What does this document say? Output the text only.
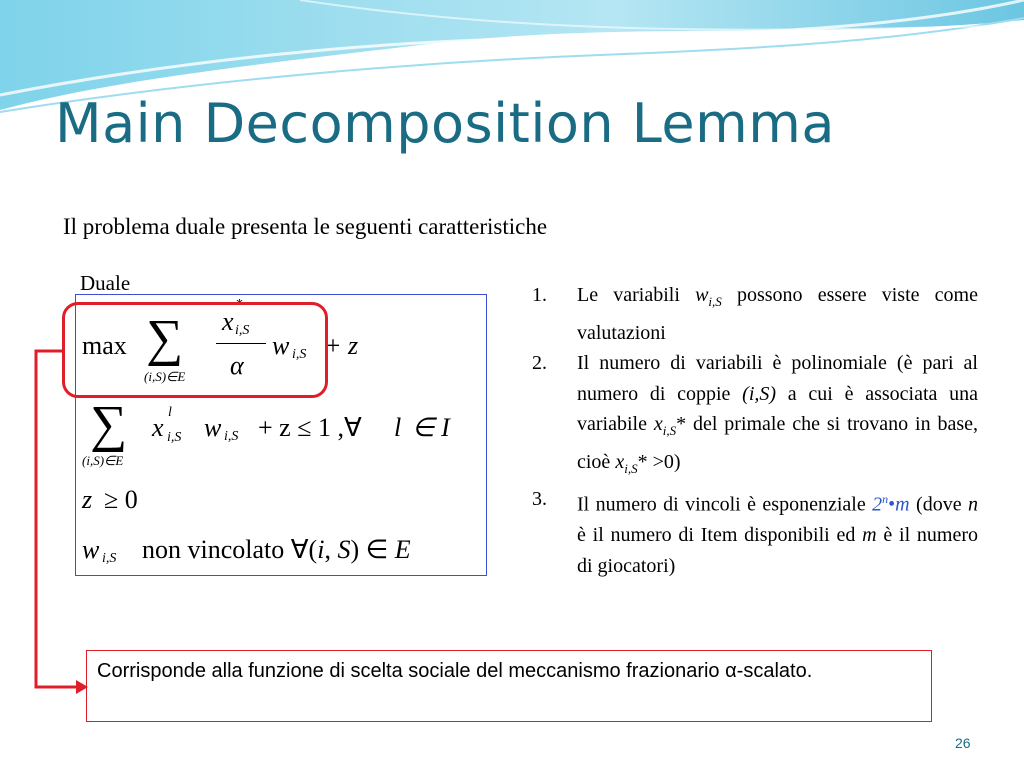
Main Decomposition Lemma
Il problema duale presenta le seguenti caratteristiche
Duale
max ∑
(i,S)∈E
x
*
i,S
α
w i,S + z
∑
(i,S)∈E
x
l
i,S w i,S + z ≤ 1 ,∀ l ∈ I
z ≥ 0
w i,S non vincolato ∀(i, S) ∈ E
1. Le variabili $w_{i,S}$ possono essere viste come valutazioni
2. Il numero di variabili è polinomiale (è pari al numero di coppie (i,S) a cui è associata una variabile $x_{i,S}*$ del primale che si trovano in base, cioè $x_{i,S}* >0$)
3. Il numero di vincoli è esponenziale 2$^n$•m (dove n è il numero di Item disponibili ed m è il numero di giocatori)
Corrisponde alla funzione di scelta sociale del meccanismo frazionario α-scalato.
26
